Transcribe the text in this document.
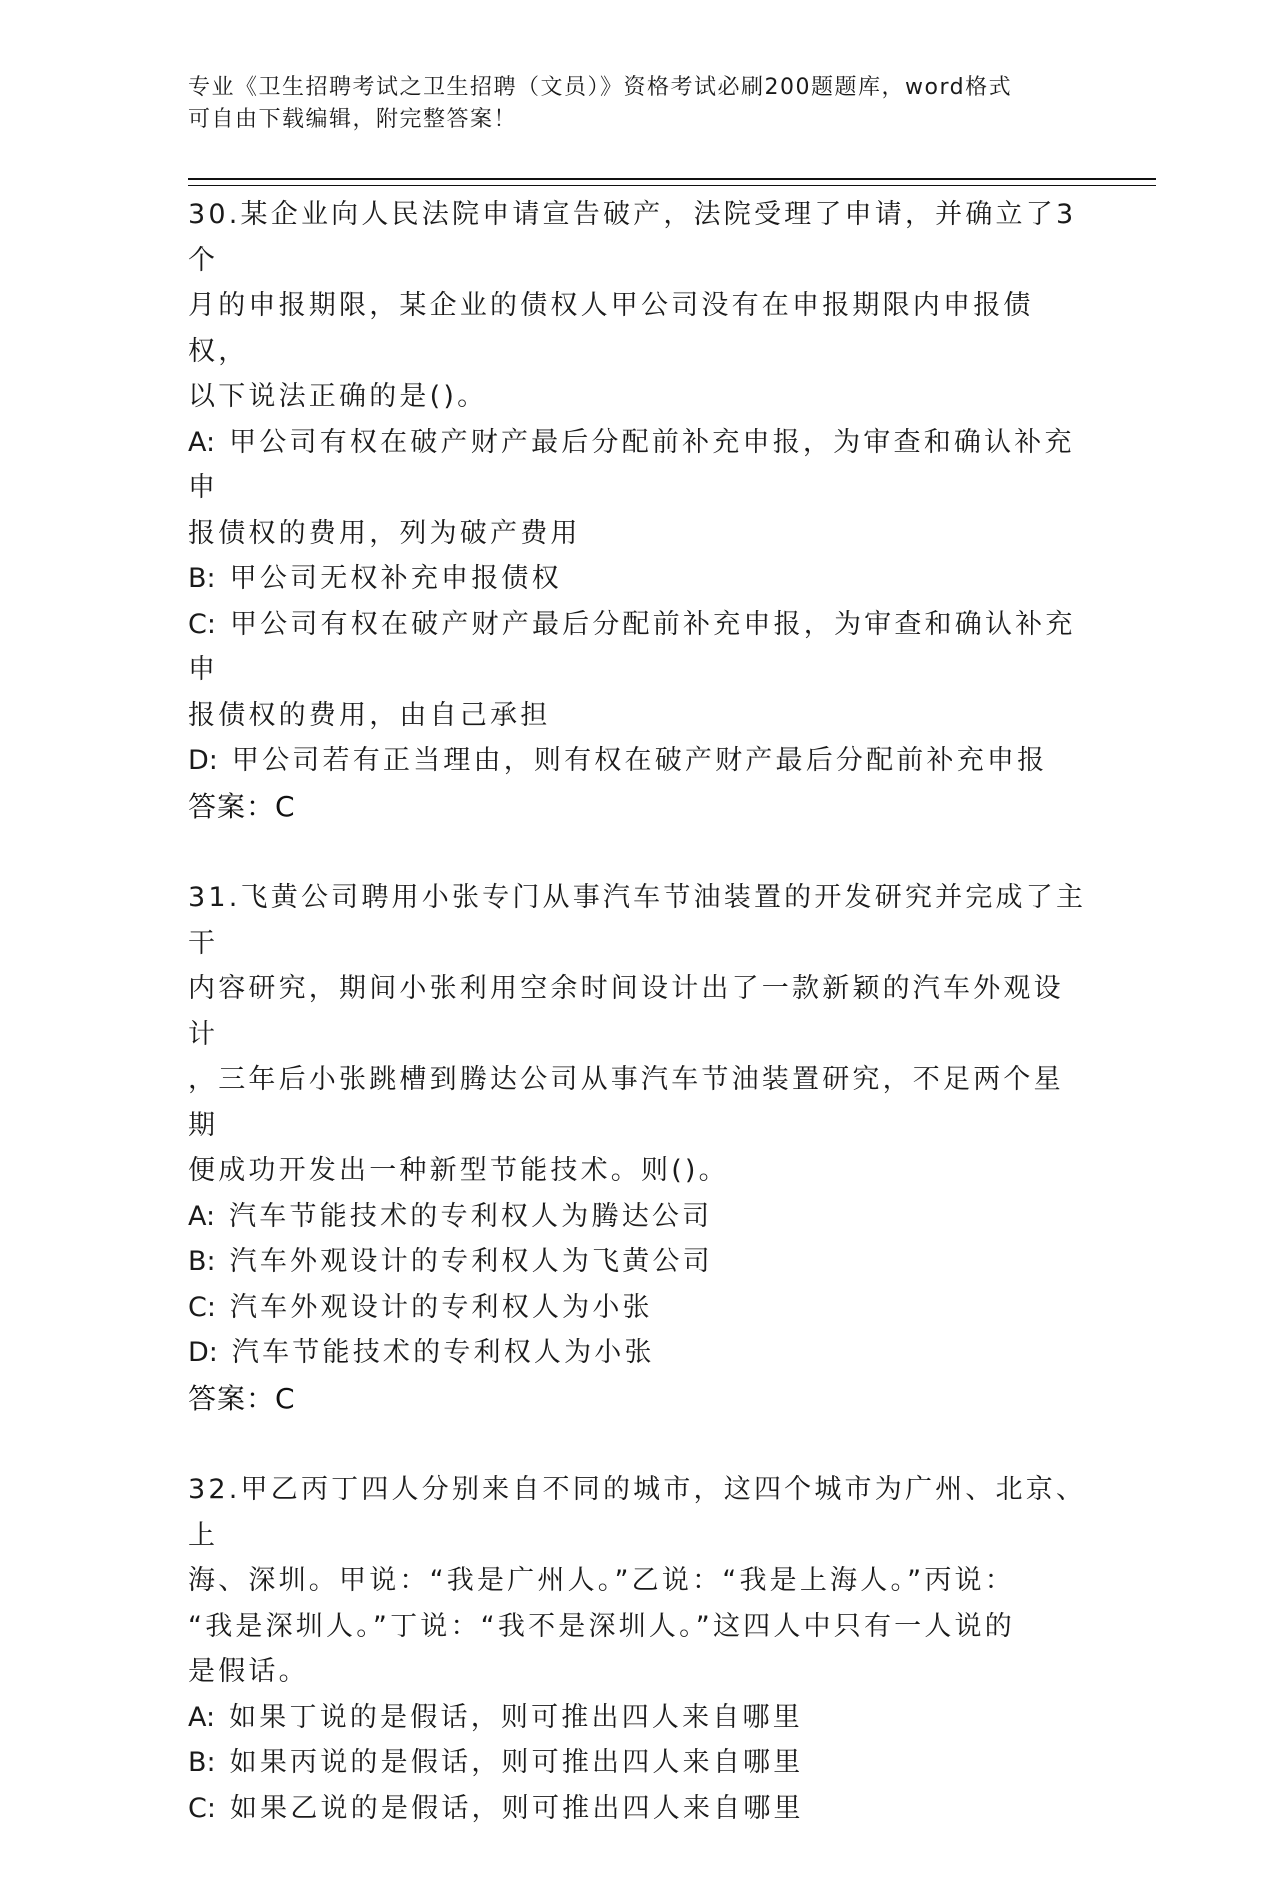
专业《卫生招聘考试之卫生招聘（文员）》资格考试必刷200题题库，word格式
可自由下载编辑，附完整答案！
30.某企业向人民法院申请宣告破产，法院受理了申请，并确立了3个
月的申报期限，某企业的债权人甲公司没有在申报期限内申报债权，
以下说法正确的是()。
A: 甲公司有权在破产财产最后分配前补充申报，为审查和确认补充申
报债权的费用，列为破产费用
B: 甲公司无权补充申报债权
C: 甲公司有权在破产财产最后分配前补充申报，为审查和确认补充申
报债权的费用，由自己承担
D: 甲公司若有正当理由，则有权在破产财产最后分配前补充申报
答案：C
31.飞黄公司聘用小张专门从事汽车节油装置的开发研究并完成了主干
内容研究，期间小张利用空余时间设计出了一款新颖的汽车外观设计
，三年后小张跳槽到腾达公司从事汽车节油装置研究，不足两个星期
便成功开发出一种新型节能技术。则()。
A: 汽车节能技术的专利权人为腾达公司
B: 汽车外观设计的专利权人为飞黄公司
C: 汽车外观设计的专利权人为小张
D: 汽车节能技术的专利权人为小张
答案：C
32.甲乙丙丁四人分别来自不同的城市，这四个城市为广州、北京、上
海、深圳。甲说：“我是广州人。”乙说：“我是上海人。”丙说：
“我是深圳人。”丁说：“我不是深圳人。”这四人中只有一人说的
是假话。
A: 如果丁说的是假话，则可推出四人来自哪里
B: 如果丙说的是假话，则可推出四人来自哪里
C: 如果乙说的是假话，则可推出四人来自哪里
